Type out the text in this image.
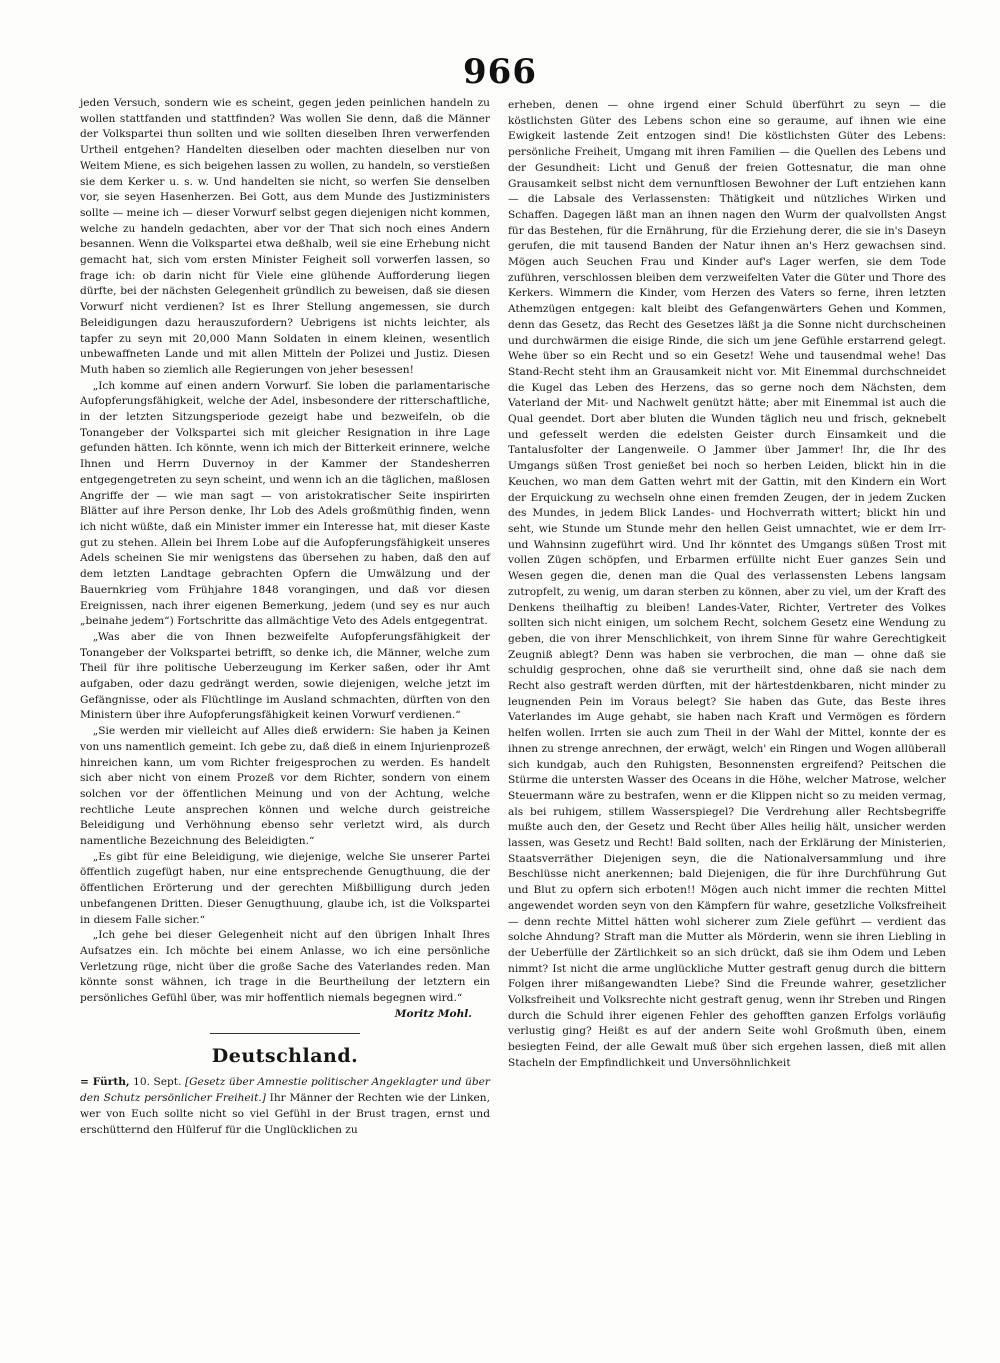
966

jeden Versuch, sondern wie es scheint, gegen jeden peinlichen handeln zu wollen stattfanden und stattfinden? Was wollen Sie denn, daß die Männer der Volkspartei thun sollten und wie sollten dieselben Ihren verwerfenden Urtheil entgehen? Handelten dieselben oder machten dieselben nur von Weitem Miene, es sich beigehen lassen zu wollen, zu handeln, so verstießen sie dem Kerker u. s. w. Und handelten sie nicht, so werfen Sie denselben vor, sie seyen Hasenherzen. Bei Gott, aus dem Munde des Justizministers sollte — meine ich — dieser Vorwurf selbst gegen diejenigen nicht kommen, welche zu handeln gedachten, aber vor der That sich noch eines Andern besannen. Wenn die Volkspartei etwa deßhalb, weil sie eine Erhebung nicht gemacht hat, sich vom ersten Minister Feigheit soll vorwerfen lassen, so frage ich: ob darin nicht für Viele eine glühende Aufforderung liegen dürfte, bei der nächsten Gelegenheit gründlich zu beweisen, daß sie diesen Vorwurf nicht verdienen? Ist es Ihrer Stellung angemessen, sie durch Beleidigungen dazu herauszufordern? Uebrigens ist nichts leichter, als tapfer zu seyn mit 20,000 Mann Soldaten in einem kleinen, wesentlich unbewaffneten Lande und mit allen Mitteln der Polizei und Justiz. Diesen Muth haben so ziemlich alle Regierungen von jeher besessen!

„Ich komme auf einen andern Vorwurf. Sie loben die parlamentarische Aufopferungsfähigkeit, welche der Adel, insbesondere der ritterschaftliche, in der letzten Sitzungsperiode gezeigt habe und bezweifeln, ob die Tonangeber der Volkspartei sich mit gleicher Resignation in ihre Lage gefunden hätten. Ich könnte, wenn ich mich der Bitterkeit erinnere, welche Ihnen und Herrn Duvernoy in der Kammer der Standesherren entgegengetreten zu seyn scheint, und wenn ich an die täglichen, maßlosen Angriffe der — wie man sagt — von aristokratischer Seite inspirirten Blätter auf ihre Person denke, Ihr Lob des Adels großmüthig finden, wenn ich nicht wüßte, daß ein Minister immer ein Interesse hat, mit dieser Kaste gut zu stehen. Allein bei Ihrem Lobe auf die Aufopferungsfähigkeit unseres Adels scheinen Sie mir wenigstens das übersehen zu haben, daß den auf dem letzten Landtage gebrachten Opfern die Umwälzung und der Bauernkrieg vom Frühjahre 1848 vorangingen, und daß vor diesen Ereignissen, nach ihrer eigenen Bemerkung, jedem (und sey es nur auch „beinahe jedem“) Fortschritte das allmächtige Veto des Adels entgegentrat.

„Was aber die von Ihnen bezweifelte Aufopferungsfähigkeit der Tonangeber der Volkspartei betrifft, so denke ich, die Männer, welche zum Theil für ihre politische Ueberzeugung im Kerker saßen, oder ihr Amt aufgaben, oder dazu gedrängt werden, sowie diejenigen, welche jetzt im Gefängnisse, oder als Flüchtlinge im Ausland schmachten, dürften von den Ministern über ihre Aufopferungsfähigkeit keinen Vorwurf verdienen.“

„Sie werden mir vielleicht auf Alles dieß erwidern: Sie haben ja Keinen von uns namentlich gemeint. Ich gebe zu, daß dieß in einem Injurienprozeß hinreichen kann, um vom Richter freigesprochen zu werden. Es handelt sich aber nicht von einem Prozeß vor dem Richter, sondern von einem solchen vor der öffentlichen Meinung und von der Achtung, welche rechtliche Leute ansprechen können und welche durch geistreiche Beleidigung und Verhöhnung ebenso sehr verletzt wird, als durch namentliche Bezeichnung des Beleidigten.“

„Es gibt für eine Beleidigung, wie diejenige, welche Sie unserer Partei öffentlich zugefügt haben, nur eine entsprechende Genugthuung, die der öffentlichen Erörterung und der gerechten Mißbilligung durch jeden unbefangenen Dritten. Dieser Genugthuung, glaube ich, ist die Volkspartei in diesem Falle sicher.“

„Ich gehe bei dieser Gelegenheit nicht auf den übrigen Inhalt Ihres Aufsatzes ein. Ich möchte bei einem Anlasse, wo ich eine persönliche Verletzung rüge, nicht über die große Sache des Vaterlandes reden. Man könnte sonst wähnen, ich trage in die Beurtheilung der letztern ein persönliches Gefühl über, was mir hoffentlich niemals begegnen wird.“

Moritz Mohl.

Deutschland.

= Fürth, 10. Sept. [Gesetz über Amnestie politischer Angeklagter und über den Schutz persönlicher Freiheit.] Ihr Männer der Rechten wie der Linken, wer von Euch sollte nicht so viel Gefühl in der Brust tragen, ernst und erschütternd den Hülferuf für die Unglücklichen zu

erheben, denen — ohne irgend einer Schuld überführt zu seyn — die köstlichsten Güter des Lebens schon eine so geraume, auf ihnen wie eine Ewigkeit lastende Zeit entzogen sind! Die köstlichsten Güter des Lebens: persönliche Freiheit, Umgang mit ihren Familien — die Quellen des Lebens und der Gesundheit: Licht und Genuß der freien Gottesnatur, die man ohne Grausamkeit selbst nicht dem vernunftlosen Bewohner der Luft entziehen kann — die Labsale des Verlassensten: Thätigkeit und nützliches Wirken und Schaffen. Dagegen läßt man an ihnen nagen den Wurm der qualvollsten Angst für das Bestehen, für die Ernährung, für die Erziehung derer, die sie in's Daseyn gerufen, die mit tausend Banden der Natur ihnen an's Herz gewachsen sind. Mögen auch Seuchen Frau und Kinder auf's Lager werfen, sie dem Tode zuführen, verschlossen bleiben dem verzweifelten Vater die Güter und Thore des Kerkers. Wimmern die Kinder, vom Herzen des Vaters so ferne, ihren letzten Athemzügen entgegen: kalt bleibt des Gefangenwärters Gehen und Kommen, denn das Gesetz, das Recht des Gesetzes läßt ja die Sonne nicht durchscheinen und durchwärmen die eisige Rinde, die sich um jene Gefühle erstarrend gelegt. Wehe über so ein Recht und so ein Gesetz! Wehe und tausendmal wehe! Das Stand-Recht steht ihm an Grausamkeit nicht vor. Mit Einemmal durchschneidet die Kugel das Leben des Herzens, das so gerne noch dem Nächsten, dem Vaterland der Mit- und Nachwelt genützt hätte; aber mit Einemmal ist auch die Qual geendet. Dort aber bluten die Wunden täglich neu und frisch, geknebelt und gefesselt werden die edelsten Geister durch Einsamkeit und die Tantalusfolter der Langenweile. O Jammer über Jammer! Ihr, die Ihr des Umgangs süßen Trost genießet bei noch so herben Leiden, blickt hin in die Keuchen, wo man dem Gatten wehrt mit der Gattin, mit den Kindern ein Wort der Erquickung zu wechseln ohne einen fremden Zeugen, der in jedem Zucken des Mundes, in jedem Blick Landes- und Hochverrath wittert; blickt hin und seht, wie Stunde um Stunde mehr den hellen Geist umnachtet, wie er dem Irr- und Wahnsinn zugeführt wird. Und Ihr könntet des Umgangs süßen Trost mit vollen Zügen schöpfen, und Erbarmen erfüllte nicht Euer ganzes Sein und Wesen gegen die, denen man die Qual des verlassensten Lebens langsam zutropfelt, zu wenig, um daran sterben zu können, aber zu viel, um der Kraft des Denkens theilhaftig zu bleiben! Landes-Vater, Richter, Vertreter des Volkes sollten sich nicht einigen, um solchem Recht, solchem Gesetz eine Wendung zu geben, die von ihrer Menschlichkeit, von ihrem Sinne für wahre Gerechtigkeit Zeugniß ablegt? Denn was haben sie verbrochen, die man — ohne daß sie schuldig gesprochen, ohne daß sie verurtheilt sind, ohne daß sie nach dem Recht also gestraft werden dürften, mit der härtestdenkbaren, nicht minder zu leugnenden Pein im Voraus belegt? Sie haben das Gute, das Beste ihres Vaterlandes im Auge gehabt, sie haben nach Kraft und Vermögen es fördern helfen wollen. Irrten sie auch zum Theil in der Wahl der Mittel, konnte der es ihnen zu strenge anrechnen, der erwägt, welch' ein Ringen und Wogen allüberall sich kundgab, auch den Ruhigsten, Besonnensten ergreifend? Peitschen die Stürme die untersten Wasser des Oceans in die Höhe, welcher Matrose, welcher Steuermann wäre zu bestrafen, wenn er die Klippen nicht so zu meiden vermag, als bei ruhigem, stillem Wasserspiegel? Die Verdrehung aller Rechtsbegriffe mußte auch den, der Gesetz und Recht über Alles heilig hält, unsicher werden lassen, was Gesetz und Recht! Bald sollten, nach der Erklärung der Ministerien, Staatsverräther Diejenigen seyn, die die Nationalversammlung und ihre Beschlüsse nicht anerkennen; bald Diejenigen, die für ihre Durchführung Gut und Blut zu opfern sich erboten!! Mögen auch nicht immer die rechten Mittel angewendet worden seyn von den Kämpfern für wahre, gesetzliche Volksfreiheit — denn rechte Mittel hätten wohl sicherer zum Ziele geführt — verdient das solche Ahndung? Straft man die Mutter als Mörderin, wenn sie ihren Liebling in der Ueberfülle der Zärtlichkeit so an sich drückt, daß sie ihm Odem und Leben nimmt? Ist nicht die arme unglückliche Mutter gestraft genug durch die bittern Folgen ihrer mißangewandten Liebe? Sind die Freunde wahrer, gesetzlicher Volksfreiheit und Volksrechte nicht gestraft genug, wenn ihr Streben und Ringen durch die Schuld ihrer eigenen Fehler des gehofften ganzen Erfolgs vorläufig verlustig ging? Heißt es auf der andern Seite wohl Großmuth üben, einem besiegten Feind, der alle Gewalt muß über sich ergehen lassen, dieß mit allen Stacheln der Empfindlichkeit und Unversöhnlichkeit
